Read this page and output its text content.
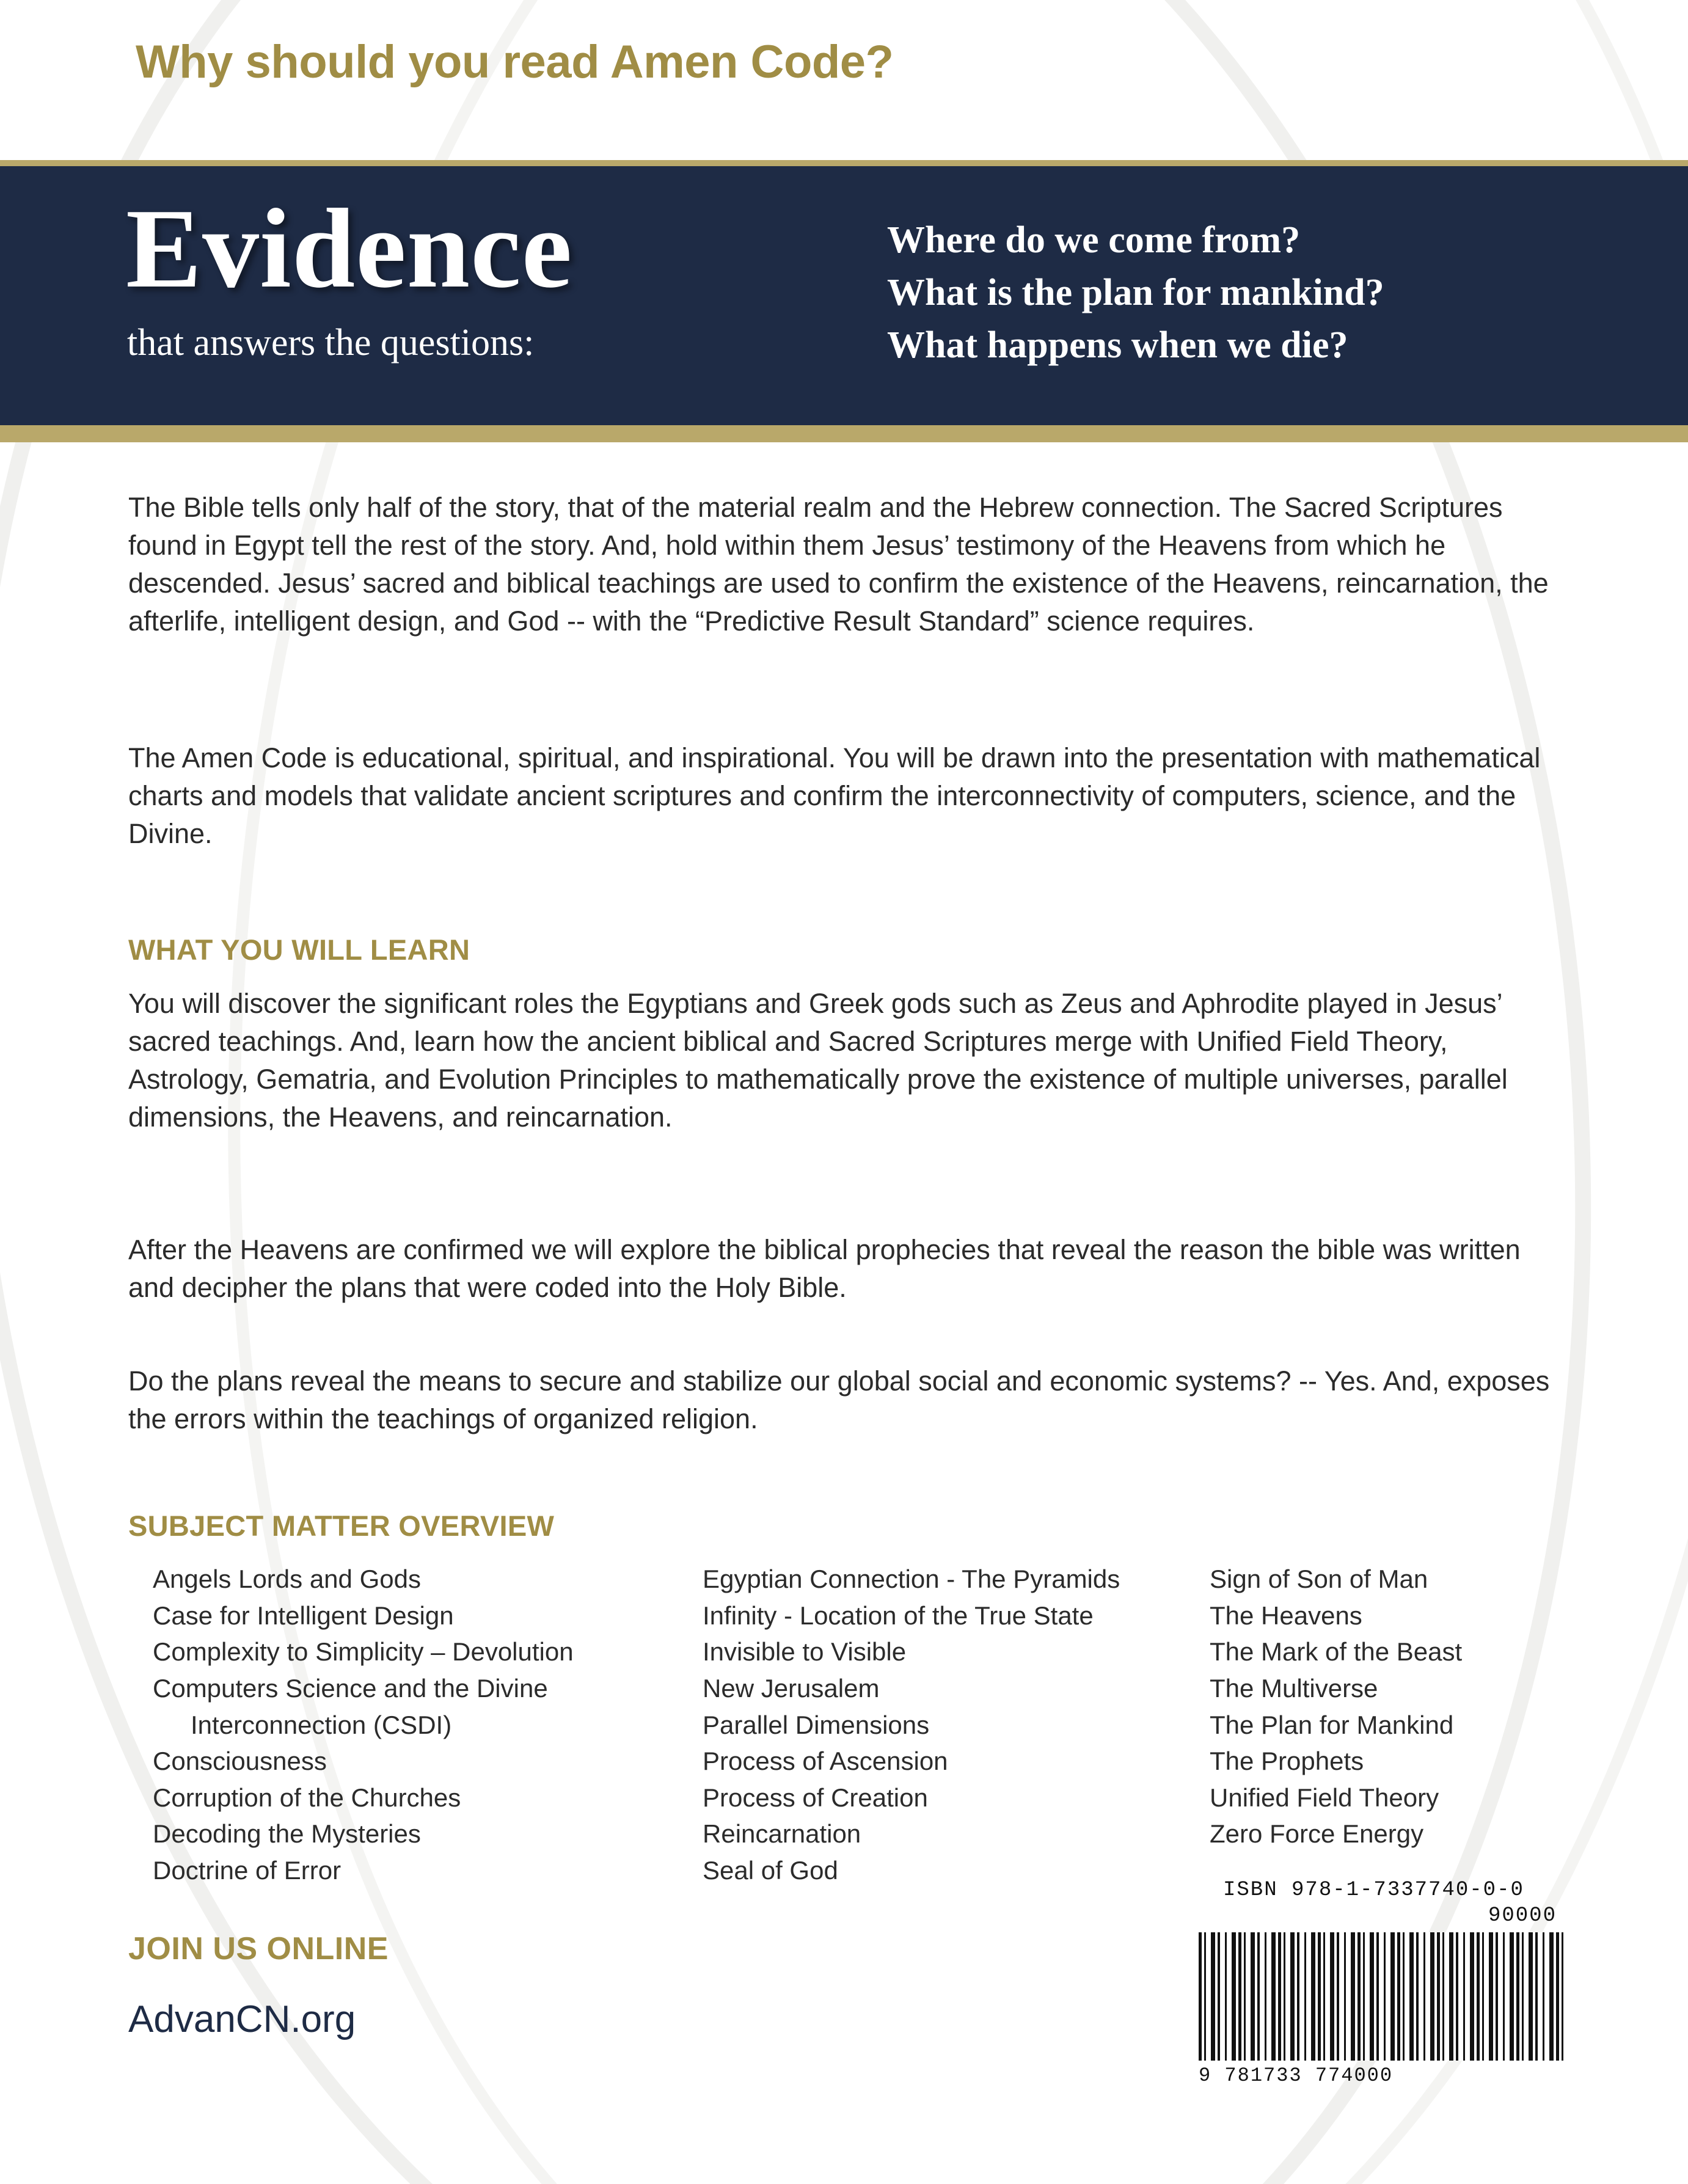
Why should you read Amen Code?
Evidence
that answers the questions:
Where do we come from?
What is the plan for mankind?
What happens when we die?
The Bible tells only half of the story, that of the material realm and the Hebrew connection. The Sacred Scriptures found in Egypt tell the rest of the story. And, hold within them Jesus’ testimony of the Heavens from which he descended. Jesus’ sacred and biblical teachings are used to confirm the existence of the Heavens, reincarnation, the afterlife, intelligent design, and God -- with the “Predictive Result Standard” science requires.
The Amen Code is educational, spiritual, and inspirational. You will be drawn into the presentation with mathematical charts and models that validate ancient scriptures and confirm the interconnectivity of computers, science, and the Divine.
WHAT YOU WILL LEARN
You will discover the significant roles the Egyptians and Greek gods such as Zeus and Aphrodite played in Jesus’ sacred teachings. And, learn how the ancient biblical and Sacred Scriptures merge with Unified Field Theory, Astrology, Gematria, and Evolution Principles to mathematically prove the existence of multiple universes, parallel dimensions, the Heavens, and reincarnation.
After the Heavens are confirmed we will explore the biblical prophecies that reveal the reason the bible was written and decipher the plans that were coded into the Holy Bible.
Do the plans reveal the means to secure and stabilize our global social and economic systems? -- Yes. And, exposes the errors within the teachings of organized religion.
SUBJECT MATTER OVERVIEW
Angels Lords and Gods
Case for Intelligent Design
Complexity to Simplicity – Devolution
Computers Science and the Divine
Interconnection (CSDI)
Consciousness
Corruption of the Churches
Decoding the Mysteries
Doctrine of Error
Egyptian Connection - The Pyramids
Infinity - Location of the True State
Invisible to Visible
New Jerusalem
Parallel Dimensions
Process of Ascension
Process of Creation
Reincarnation
Seal of God
Sign of Son of Man
The Heavens
The Mark of the Beast
The Multiverse
The Plan for Mankind
The Prophets
Unified Field Theory
Zero Force Energy
JOIN US ONLINE
AdvanCN.org
ISBN 978-1-7337740-0-0
90000
9 781733 774000
